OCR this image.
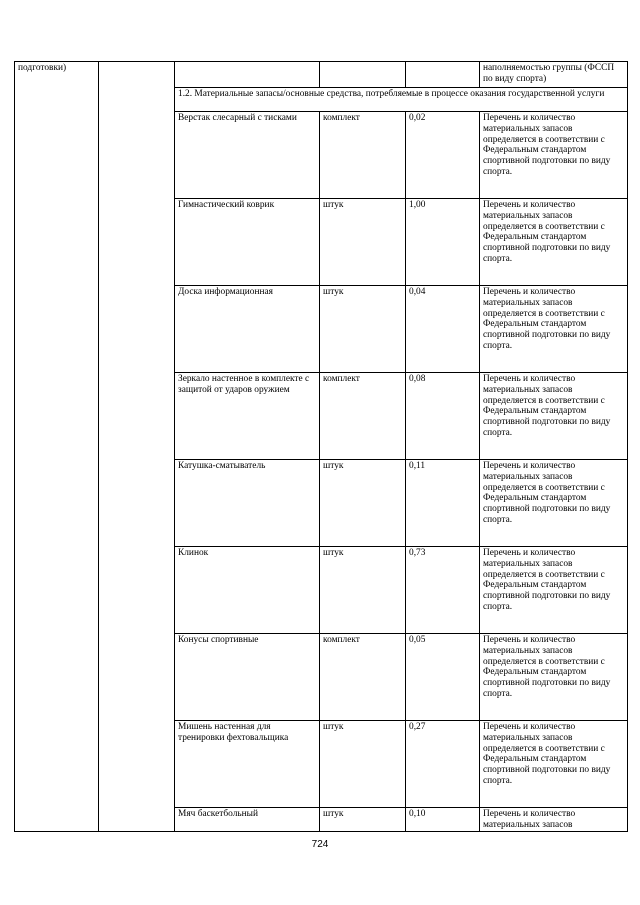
подготовки)					наполняемостью группы (ФССП по виду спорта)
		1.2. Материальные запасы/основные средства, потребляемые в процессе оказания государственной услуги			
		Верстак слесарный с тисками	комплект	0,02	Перечень и количество материальных запасов определяется в соответствии с Федеральным стандартом спортивной подготовки по виду спорта.
		Гимнастический коврик	штук	1,00	Перечень и количество материальных запасов определяется в соответствии с Федеральным стандартом спортивной подготовки по виду спорта.
		Доска информационная	штук	0,04	Перечень и количество материальных запасов определяется в соответствии с Федеральным стандартом спортивной подготовки по виду спорта.
		Зеркало настенное в комплекте с защитой от ударов оружием	комплект	0,08	Перечень и количество материальных запасов определяется в соответствии с Федеральным стандартом спортивной подготовки по виду спорта.
		Катушка-сматыватель	штук	0,11	Перечень и количество материальных запасов определяется в соответствии с Федеральным стандартом спортивной подготовки по виду спорта.
		Клинок	штук	0,73	Перечень и количество материальных запасов определяется в соответствии с Федеральным стандартом спортивной подготовки по виду спорта.
		Конусы спортивные	комплект	0,05	Перечень и количество материальных запасов определяется в соответствии с Федеральным стандартом спортивной подготовки по виду спорта.
		Мишень настенная для тренировки фехтовальщика	штук	0,27	Перечень и количество материальных запасов определяется в соответствии с Федеральным стандартом спортивной подготовки по виду спорта.
		Мяч баскетбольный	штук	0,10	Перечень и количество материальных запасов
724
